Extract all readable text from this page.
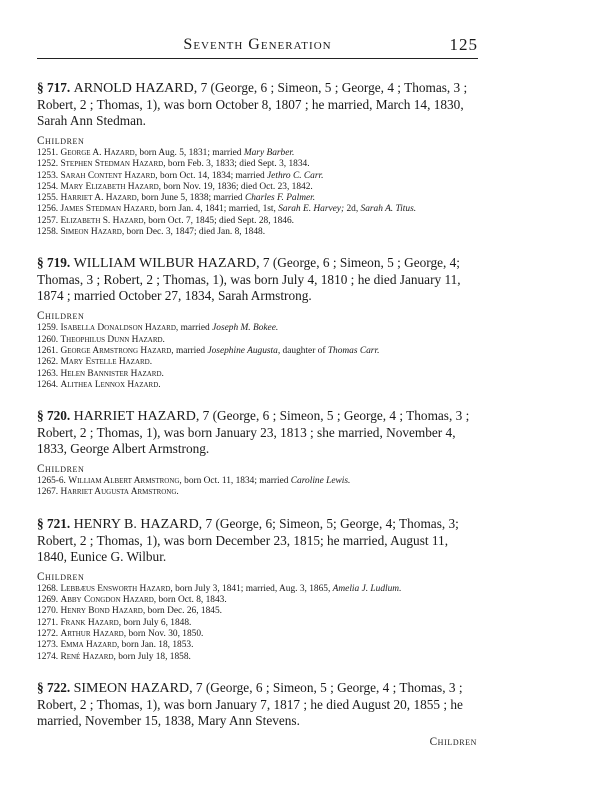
Seventh Generation	125

§ 717. ARNOLD HAZARD, 7 (George, 6 ; Simeon, 5 ; George, 4 ; Thomas, 3 ; Robert, 2 ; Thomas, 1), was born October 8, 1807 ; he married, March 14, 1830, Sarah Ann Stedman.

Children

1251. George A. Hazard, born Aug. 5, 1831; married Mary Barber.

1252. Stephen Stedman Hazard, born Feb. 3, 1833; died Sept. 3, 1834.

1253. Sarah Content Hazard, born Oct. 14, 1834; married Jethro C. Carr.

1254. Mary Elizabeth Hazard, born Nov. 19, 1836; died Oct. 23, 1842.

1255. Harriet A. Hazard, born June 5, 1838; married Charles F. Palmer.

1256. James Stedman Hazard, born Jan. 4, 1841; married, 1st, Sarah E. Harvey; 2d, Sarah A. Titus.

1257. Elizabeth S. Hazard, born Oct. 7, 1845; died Sept. 28, 1846.

1258. Simeon Hazard, born Dec. 3, 1847; died Jan. 8, 1848.

§ 719. WILLIAM WILBUR HAZARD, 7 (George, 6 ; Simeon, 5 ; George, 4; Thomas, 3 ; Robert, 2 ; Thomas, 1), was born July 4, 1810 ; he died January 11, 1874 ; married October 27, 1834, Sarah Armstrong.

Children

1259. Isabella Donaldson Hazard, married Joseph M. Bokee.

1260. Theophilus Dunn Hazard.

1261. George Armstrong Hazard, married Josephine Augusta, daughter of Thomas Carr.

1262. Mary Estelle Hazard.

1263. Helen Bannister Hazard.

1264. Alithea Lennox Hazard.

§ 720. HARRIET HAZARD, 7 (George, 6 ; Simeon, 5 ; George, 4 ; Thomas, 3 ; Robert, 2 ; Thomas, 1), was born January 23, 1813 ; she married, November 4, 1833, George Albert Armstrong.

Children

1265-6. William Albert Armstrong, born Oct. 11, 1834; married Caroline Lewis.

1267. Harriet Augusta Armstrong.

§ 721. HENRY B. HAZARD, 7 (George, 6; Simeon, 5; George, 4; Thomas, 3; Robert, 2 ; Thomas, 1), was born December 23, 1815; he married, August 11, 1840, Eunice G. Wilbur.

Children

1268. Lebbæus Ensworth Hazard, born July 3, 1841; married, Aug. 3, 1865, Amelia J. Ludlum.

1269. Abby Congdon Hazard, born Oct. 8, 1843.

1270. Henry Bond Hazard, born Dec. 26, 1845.

1271. Frank Hazard, born July 6, 1848.

1272. Arthur Hazard, born Nov. 30, 1850.

1273. Emma Hazard, born Jan. 18, 1853.

1274. René Hazard, born July 18, 1858.

§ 722. SIMEON HAZARD, 7 (George, 6 ; Simeon, 5 ; George, 4 ; Thomas, 3 ; Robert, 2 ; Thomas, 1), was born January 7, 1817 ; he died August 20, 1855 ; he married, November 15, 1838, Mary Ann Stevens.

Children
